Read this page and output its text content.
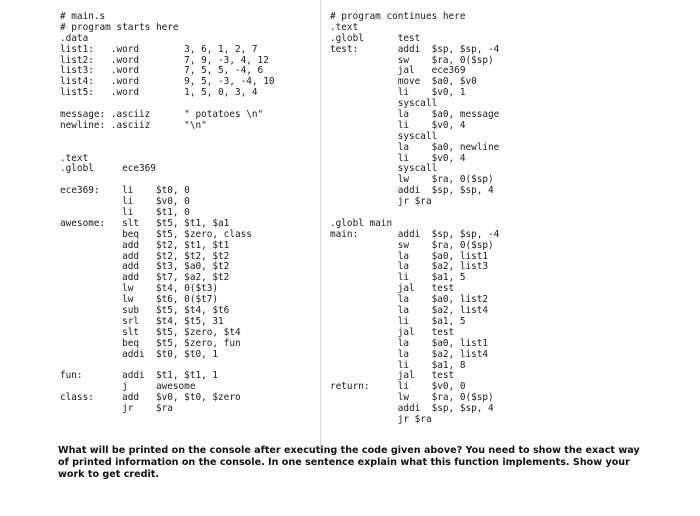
# main.s
# program starts here
.data
list1:   .word        3, 6, 1, 2, 7
list2:   .word        7, 9, -3, 4, 12
list3:   .word        7, 5, 5, -4, 6
list4:   .word        9, 5, -3, -4, 10
list5:   .word        1, 5, 0, 3, 4
message: .asciiz      " potatoes \n"
newline: .asciiz      "\n"
.text
.globl     ece369
ece369:    li    $t0, 0
li    $v0, 0
li    $t1, 0
awesome:   slt   $t5, $t1, $a1
beq   $t5, $zero, class
add   $t2, $t1, $t1
add   $t2, $t2, $t2
add   $t3, $a0, $t2
add   $t7, $a2, $t2
lw    $t4, 0($t3)
lw    $t6, 0($t7)
sub   $t5, $t4, $t6
srl   $t4, $t5, 31
slt   $t5, $zero, $t4
beq   $t5, $zero, fun
addi  $t0, $t0, 1
fun:       addi  $t1, $t1, 1
j     awesome
class:     add   $v0, $t0, $zero
jr    $ra
# program continues here
.text
.globl      test
test:       addi  $sp, $sp, -4
sw    $ra, 0($sp)
jal   ece369
move  $a0, $v0
li    $v0, 1
syscall
la    $a0, message
li    $v0, 4
syscall
la    $a0, newline
li    $v0, 4
syscall
lw    $ra, 0($sp)
addi  $sp, $sp, 4
jr $ra
.globl main
main:       addi  $sp, $sp, -4
sw    $ra, 0($sp)
la    $a0, list1
la    $a2, list3
li    $a1, 5
jal   test
la    $a0, list2
la    $a2, list4
li    $a1, 5
jal   test
la    $a0, list1
la    $a2, list4
li    $a1, 8
jal   test
return:     li    $v0, 0
lw    $ra, 0($sp)
addi  $sp, $sp, 4
jr $ra
What will be printed on the console after executing the code given above? You need to show the exact way of printed information on the console. In one sentence explain what this function implements. Show your work to get credit.
